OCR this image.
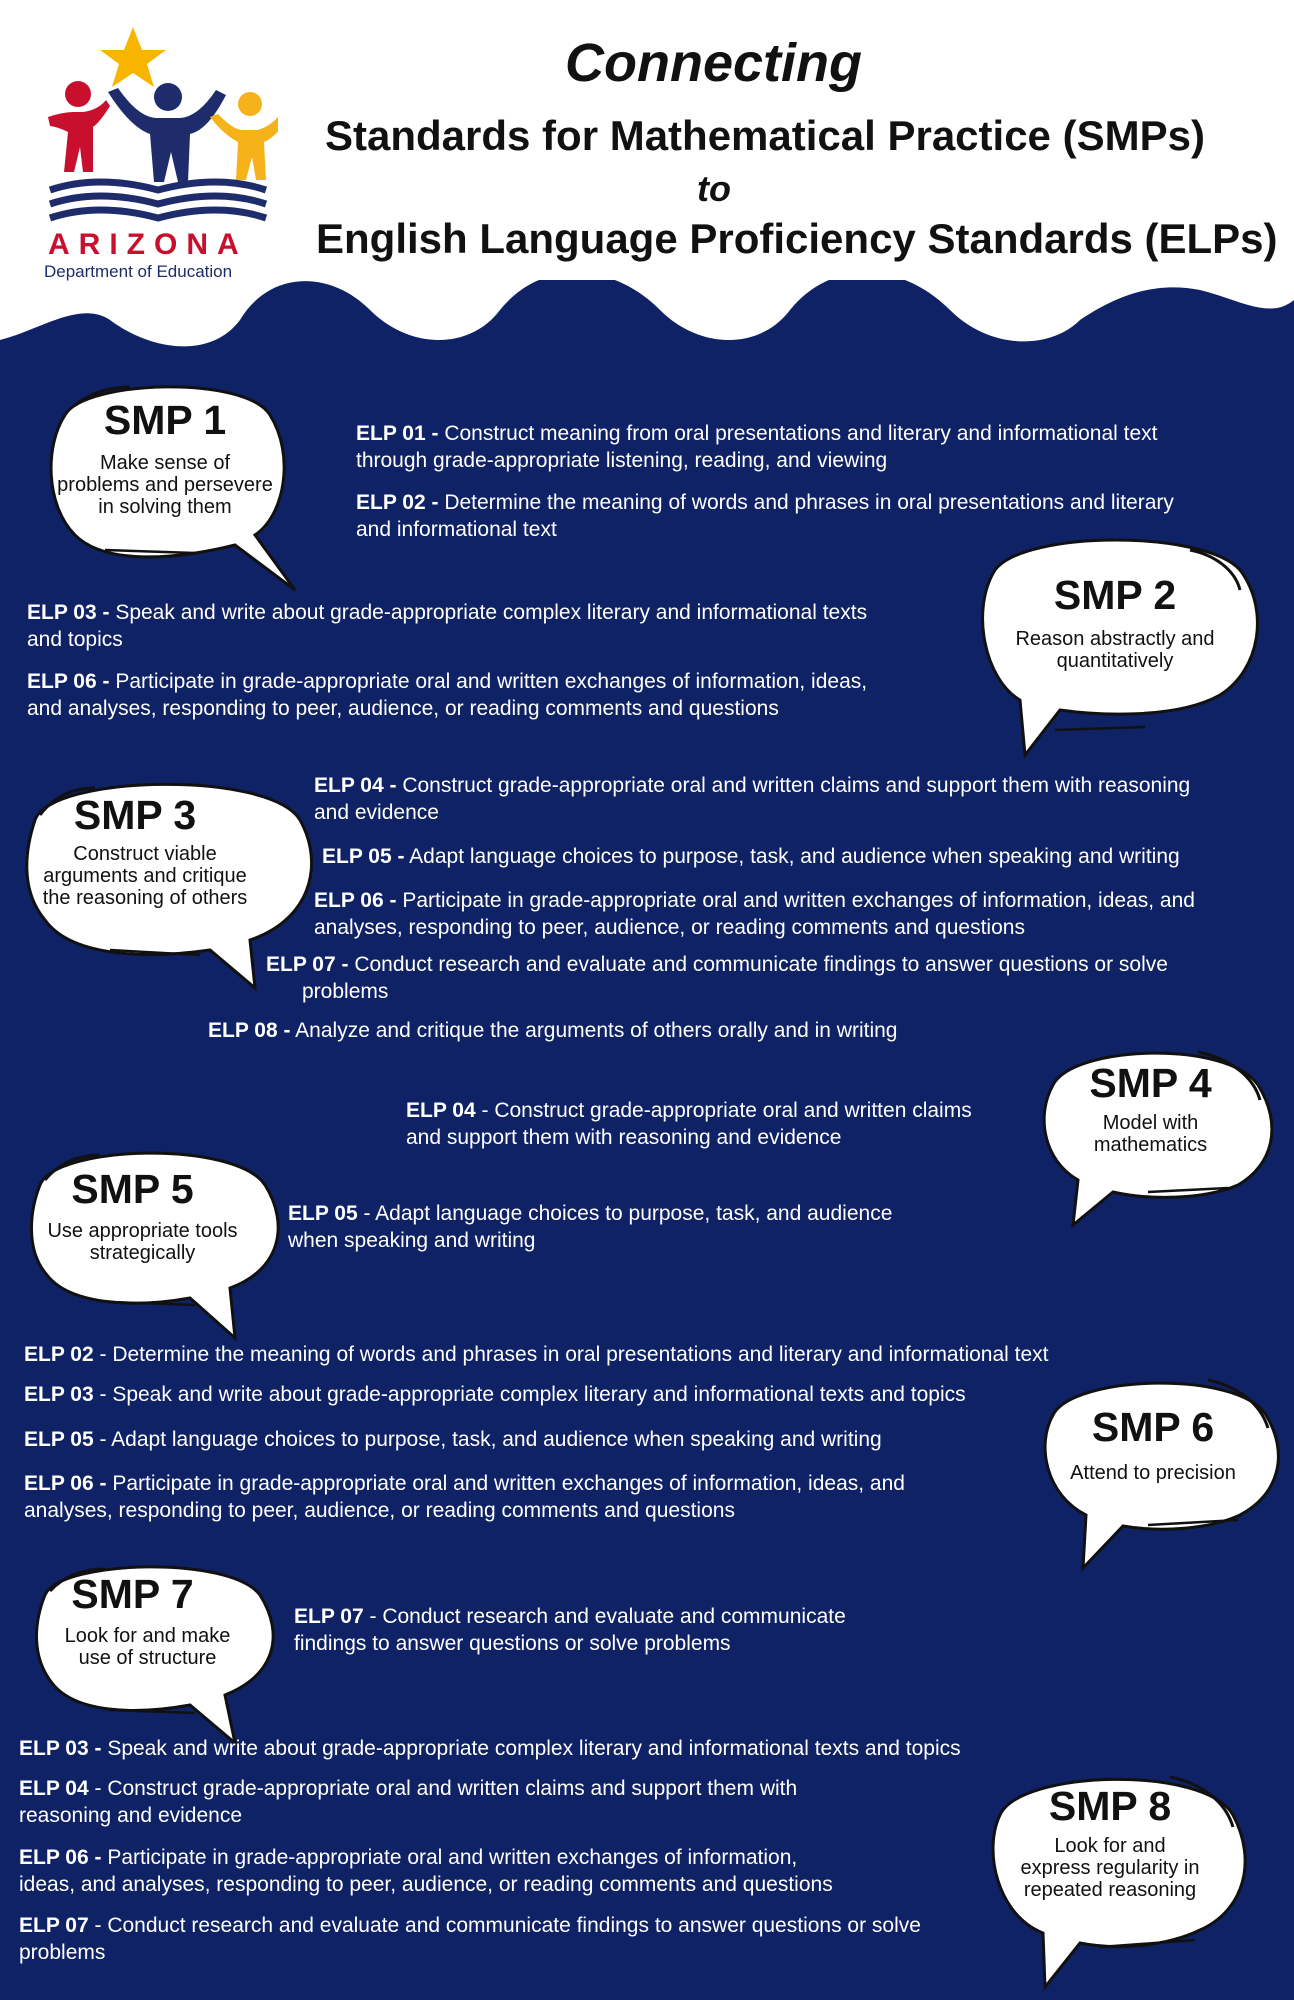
Connecting
Standards for Mathematical Practice (SMPs)
to
English Language Proficiency Standards (ELPs)
ARIZONA
Department of Education
SMP 1
Make sense of
problems and persevere
in solving them
ELP 01 - Construct meaning from oral presentations and literary and informational text
through grade-appropriate listening, reading, and viewing
ELP 02 - Determine the meaning of words and phrases in oral presentations and literary
and informational text
SMP 2
Reason abstractly and
quantitatively
ELP 03 - Speak and write about grade-appropriate complex literary and informational texts
and topics
ELP 06 - Participate in grade-appropriate oral and written exchanges of information, ideas,
and analyses, responding to peer, audience, or reading comments and questions
SMP 3
Construct viable
arguments and critique
the reasoning of others
ELP 04 - Construct grade-appropriate oral and written claims and support them with reasoning
and evidence
ELP 05 - Adapt language choices to purpose, task, and audience when speaking and writing
ELP 06 - Participate in grade-appropriate oral and written exchanges of information, ideas, and
analyses, responding to peer, audience, or reading comments and questions
ELP 07 - Conduct research and evaluate and communicate findings to answer questions or solve
problems
ELP 08 - Analyze and critique the arguments of others orally and in writing
SMP 4
Model with
mathematics
ELP 04 - Construct grade-appropriate oral and written claims
and support them with reasoning and evidence
SMP 5
Use appropriate tools
strategically
ELP 05 - Adapt language choices to purpose, task, and audience
when speaking and writing
ELP 02 - Determine the meaning of words and phrases in oral presentations and literary and informational text
ELP 03 - Speak and write about grade-appropriate complex literary and informational texts and topics
ELP 05 - Adapt language choices to purpose, task, and audience when speaking and writing
ELP 06 - Participate in grade-appropriate oral and written exchanges of information, ideas, and
analyses, responding to peer, audience, or reading comments and questions
SMP 6
Attend to precision
SMP 7
Look for and make
use of structure
ELP 07 - Conduct research and evaluate and communicate
findings to answer questions or solve problems
ELP 03 - Speak and write about grade-appropriate complex literary and informational texts and topics
ELP 04 - Construct grade-appropriate oral and written claims and support them with
reasoning and evidence
ELP 06 - Participate in grade-appropriate oral and written exchanges of information,
ideas, and analyses, responding to peer, audience, or reading comments and questions
ELP 07 - Conduct research and evaluate and communicate findings to answer questions or solve
problems
SMP 8
Look for and
express regularity in
repeated reasoning
